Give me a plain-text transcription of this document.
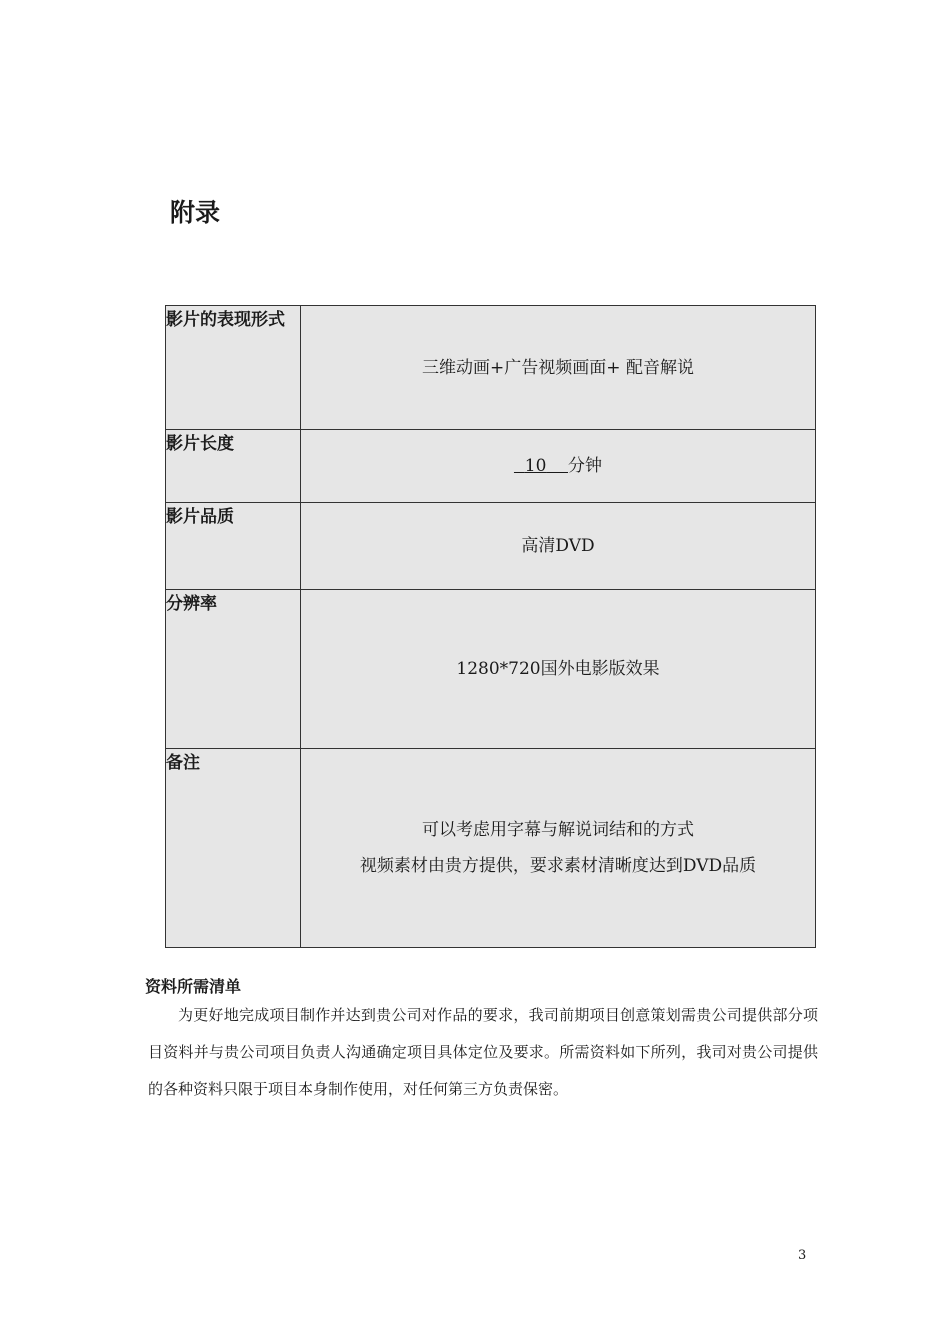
附录
影片的表现形式	三维动画+广告视频画面+ 配音解说

影片长度	10 分钟

影片品质	高清DVD

分辨率	1280*720国外电影版效果

备注	可以考虑用字幕与解说词结和的方式
视频素材由贵方提供，要求素材清晰度达到DVD品质
资料所需清单

为更好地完成项目制作并达到贵公司对作品的要求，我司前期项目创意策划需贵公司提供部分项目资料并与贵公司项目负责人沟通确定项目具体定位及要求。所需资料如下所列，我司对贵公司提供的各种资料只限于项目本身制作使用，对任何第三方负责保密。

3
